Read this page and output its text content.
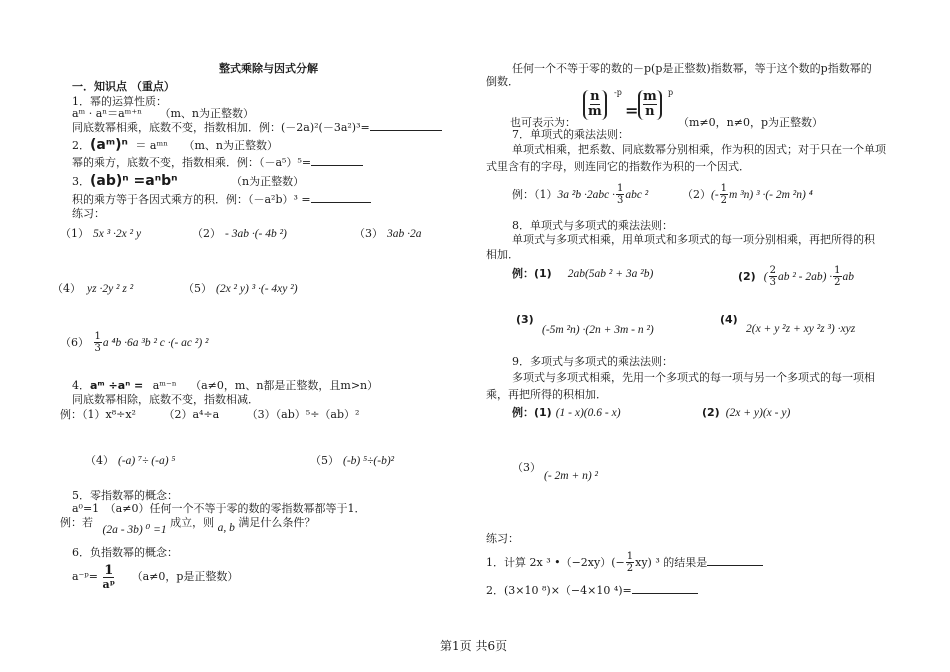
整式乘除与因式分解
一．知识点 （重点）
1．幂的运算性质：
aᵐ · aⁿ＝aᵐ⁺ⁿ （m、n为正整数）
同底数幂相乘，底数不变，指数相加．例：(－2a)²(－3a²)³=
2．(aᵐ)ⁿ ＝ aᵐⁿ （m、n为正整数）
幂的乘方，底数不变，指数相乘．例：（－a⁵）⁵=
3．(ab)ⁿ =aⁿbⁿ	（n为正整数）
积的乘方等于各因式乘方的积．例：（－a²b）³ =
练习：
（1） 5x ³ ·2x ² y	（2） - 3ab ·(- 4b ²)	（3） 3ab ·2a
（4） yz ·2y ² z ²	（5） (2x ² y) ³ ·(- 4xy ²)
$(6) \frac{1}{3}$ a ⁴b ·6a ³b ² c ·(- ac ²) ²
4．aᵐ ÷aⁿ = aᵐ⁻ⁿ （a≠0，m、n都是正整数，且m>n）
同底数幂相除，底数不变，指数相减．
例：（1）x⁸÷x²　　　（2）a⁴÷a　　　（3）（ab）⁵÷（ab）²
（4） (-a) ⁷÷ (-a) ⁵	（5） (-b) ⁵÷(-b)²
5．零指数幂的概念：
a⁰=1　（a≠0）任何一个不等于零的数的零指数幂都等于1．
例：若 (2a - 3b) ⁰ =1 成立，则 a, b 满足什么条件？
6．负指数幂的概念：
a⁻ᵖ= $\frac{1}{\text{aᵖ}} (a\ne 0$，p是正整数）
任何一个不等于零的数的－p(p是正整数)指数幂，等于这个数的p指数幂的
倒数．
也可表示为：
n
m
-p
=
m
n
p
（m≠0，n≠0，p为正整数）
7．单项式的乘法法则：
单项式相乘，把系数、同底数幂分别相乘，作为积的因式；对于只在一个单项
式里含有的字母，则连同它的指数作为积的一个因式．
例：（1）3a $^2b \cdot 2abc \cdot \frac{1}{3}$ abc ²	$(2)(- \frac{1}{2}$ m ³n) ³ ·(- 2m ²n) ⁴
8．单项式与多项式的乘法法则：
单项式与多项式相乘，用单项式和多项式的每一项分别相乘，再把所得的积
相加．
例：(1) 2ab(5ab ² + 3a ²b)	(2) ( $\frac{2}{3}$ ab $^2 - 2ab) \cdot \frac{1}{2}$ ab
(3)
(-5m ²n) ·(2n + 3m - n ²)
(4)
2(x + y ²z + xy ²z ³) ·xyz
9．多项式与多项式的乘法法则：
多项式与多项式相乘，先用一个多项式的每一项与另一个多项式的每一项相
乘，再把所得的积相加．
例：(1) (1 - x)(0.6 - x)	(2) (2x + y)(x - y)
（3）
(- 2m + n) ²
练习：
1．计算 2x ³ •（−2xy）(− $\frac{1}{2} xy$) ³ 的结果是
2．(3×10 ⁸)×（−4×10 ⁴)=
第1页 共6页
